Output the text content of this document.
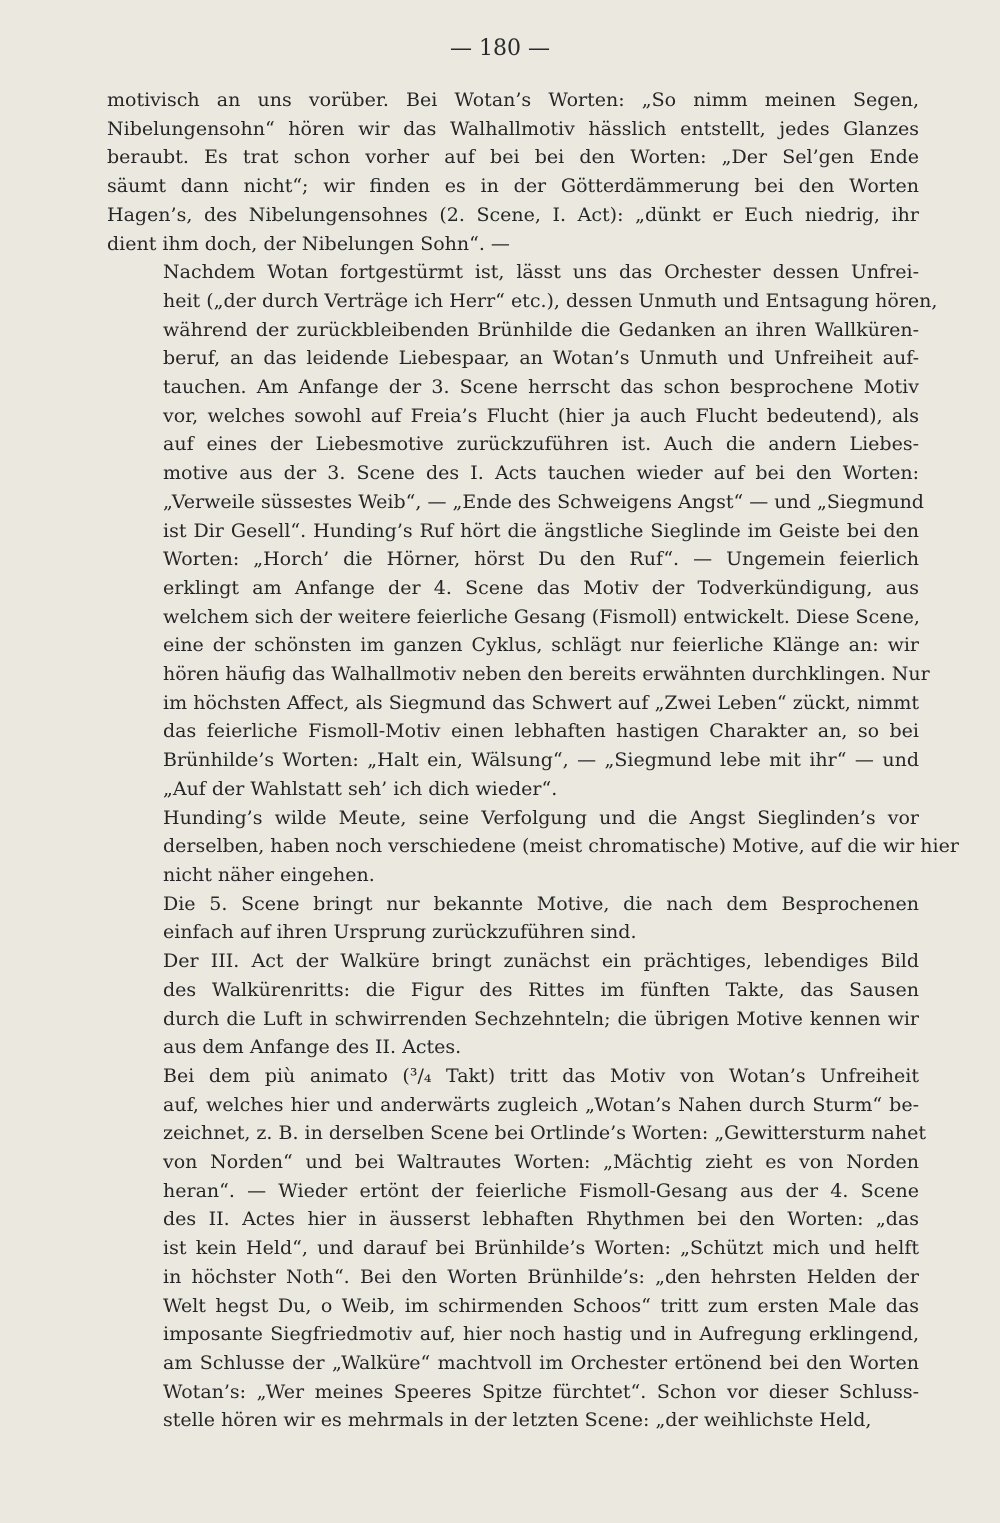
— 180 —
motivisch an uns vorüber. Bei Wotan’s Worten: „So nimm meinen Segen,
Nibelungensohn“ hören wir das Walhallmotiv hässlich entstellt, jedes Glanzes
beraubt. Es trat schon vorher auf bei bei den Worten: „Der Sel’gen Ende
säumt dann nicht“; wir finden es in der Götterdämmerung bei den Worten
Hagen’s, des Nibelungensohnes (2. Scene, I. Act): „dünkt er Euch niedrig, ihr
dient ihm doch, der Nibelungen Sohn“. —
Nachdem Wotan fortgestürmt ist, lässt uns das Orchester dessen Unfrei-
heit („der durch Verträge ich Herr“ etc.), dessen Unmuth und Entsagung hören,
während der zurückbleibenden Brünhilde die Gedanken an ihren Wallküren-
beruf, an das leidende Liebespaar, an Wotan’s Unmuth und Unfreiheit auf-
tauchen. Am Anfange der 3. Scene herrscht das schon besprochene Motiv
vor, welches sowohl auf Freia’s Flucht (hier ja auch Flucht bedeutend), als
auf eines der Liebesmotive zurückzuführen ist. Auch die andern Liebes-
motive aus der 3. Scene des I. Acts tauchen wieder auf bei den Worten:
„Verweile süssestes Weib“, — „Ende des Schweigens Angst“ — und „Siegmund
ist Dir Gesell“. Hunding’s Ruf hört die ängstliche Sieglinde im Geiste bei den
Worten: „Horch’ die Hörner, hörst Du den Ruf“. — Ungemein feierlich
erklingt am Anfange der 4. Scene das Motiv der Todverkündigung, aus
welchem sich der weitere feierliche Gesang (Fismoll) entwickelt. Diese Scene,
eine der schönsten im ganzen Cyklus, schlägt nur feierliche Klänge an: wir
hören häufig das Walhallmotiv neben den bereits erwähnten durchklingen. Nur
im höchsten Affect, als Siegmund das Schwert auf „Zwei Leben“ zückt, nimmt
das feierliche Fismoll-Motiv einen lebhaften hastigen Charakter an, so bei
Brünhilde’s Worten: „Halt ein, Wälsung“, — „Siegmund lebe mit ihr“ — und
„Auf der Wahlstatt seh’ ich dich wieder“.
Hunding’s wilde Meute, seine Verfolgung und die Angst Sieglinden’s vor
derselben, haben noch verschiedene (meist chromatische) Motive, auf die wir hier
nicht näher eingehen.
Die 5. Scene bringt nur bekannte Motive, die nach dem Besprochenen
einfach auf ihren Ursprung zurückzuführen sind.
Der III. Act der Walküre bringt zunächst ein prächtiges, lebendiges Bild
des Walkürenritts: die Figur des Rittes im fünften Takte, das Sausen
durch die Luft in schwirrenden Sechzehnteln; die übrigen Motive kennen wir
aus dem Anfange des II. Actes.
Bei dem più animato (³/₄ Takt) tritt das Motiv von Wotan’s Unfreiheit
auf, welches hier und anderwärts zugleich „Wotan’s Nahen durch Sturm“ be-
zeichnet, z. B. in derselben Scene bei Ortlinde’s Worten: „Gewittersturm nahet
von Norden“ und bei Waltrautes Worten: „Mächtig zieht es von Norden
heran“. — Wieder ertönt der feierliche Fismoll-Gesang aus der 4. Scene
des II. Actes hier in äusserst lebhaften Rhythmen bei den Worten: „das
ist kein Held“, und darauf bei Brünhilde’s Worten: „Schützt mich und helft
in höchster Noth“. Bei den Worten Brünhilde’s: „den hehrsten Helden der
Welt hegst Du, o Weib, im schirmenden Schoos“ tritt zum ersten Male das
imposante Siegfriedmotiv auf, hier noch hastig und in Aufregung erklingend,
am Schlusse der „Walküre“ machtvoll im Orchester ertönend bei den Worten
Wotan’s: „Wer meines Speeres Spitze fürchtet“. Schon vor dieser Schluss-
stelle hören wir es mehrmals in der letzten Scene: „der weihlichste Held,
